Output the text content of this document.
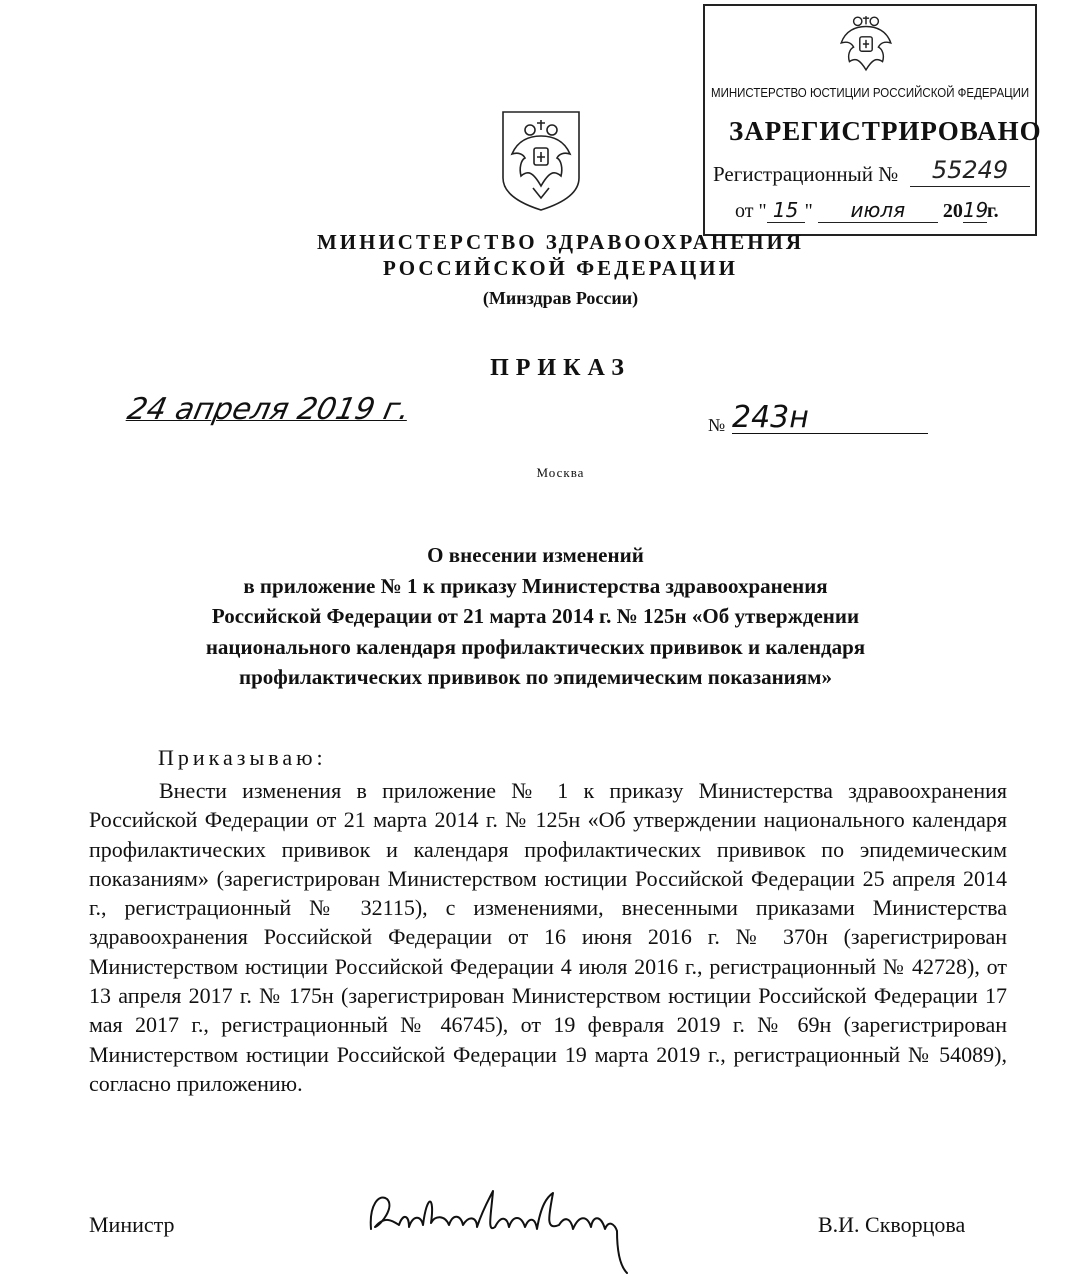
МИНИСТЕРСТВО ЮСТИЦИИ РОССИЙСКОЙ ФЕДЕРАЦИИ
ЗАРЕГИСТРИРОВАНО
Регистрационный №	55249
от " 15 " июля 2019г.
МИНИСТЕРСТВО ЗДРАВООХРАНЕНИЯ
РОССИЙСКОЙ ФЕДЕРАЦИИ
(Минздрав России)
ПРИКАЗ
24 апреля 2019 г.	№ 243н
Москва
О внесении изменений
в приложение № 1 к приказу Министерства здравоохранения
Российской Федерации от 21 марта 2014 г. № 125н «Об утверждении
национального календаря профилактических прививок и календаря
профилактических прививок по эпидемическим показаниям»
Приказываю:

Внести изменения в приложение № 1 к приказу Министерства здравоохранения Российской Федерации от 21 марта 2014 г. № 125н «Об утверждении национального календаря профилактических прививок и календаря профилактических прививок по эпидемическим показаниям» (зарегистрирован Министерством юстиции Российской Федерации 25 апреля 2014 г., регистрационный № 32115), с изменениями, внесенными приказами Министерства здравоохранения Российской Федерации от 16 июня 2016 г. № 370н (зарегистрирован Министерством юстиции Российской Федерации 4 июля 2016 г., регистрационный № 42728), от 13 апреля 2017 г. № 175н (зарегистрирован Министерством юстиции Российской Федерации 17 мая 2017 г., регистрационный № 46745), от 19 февраля 2019 г. № 69н (зарегистрирован Министерством юстиции Российской Федерации 19 марта 2019 г., регистрационный № 54089), согласно приложению.

Министр	В.И. Скворцова
